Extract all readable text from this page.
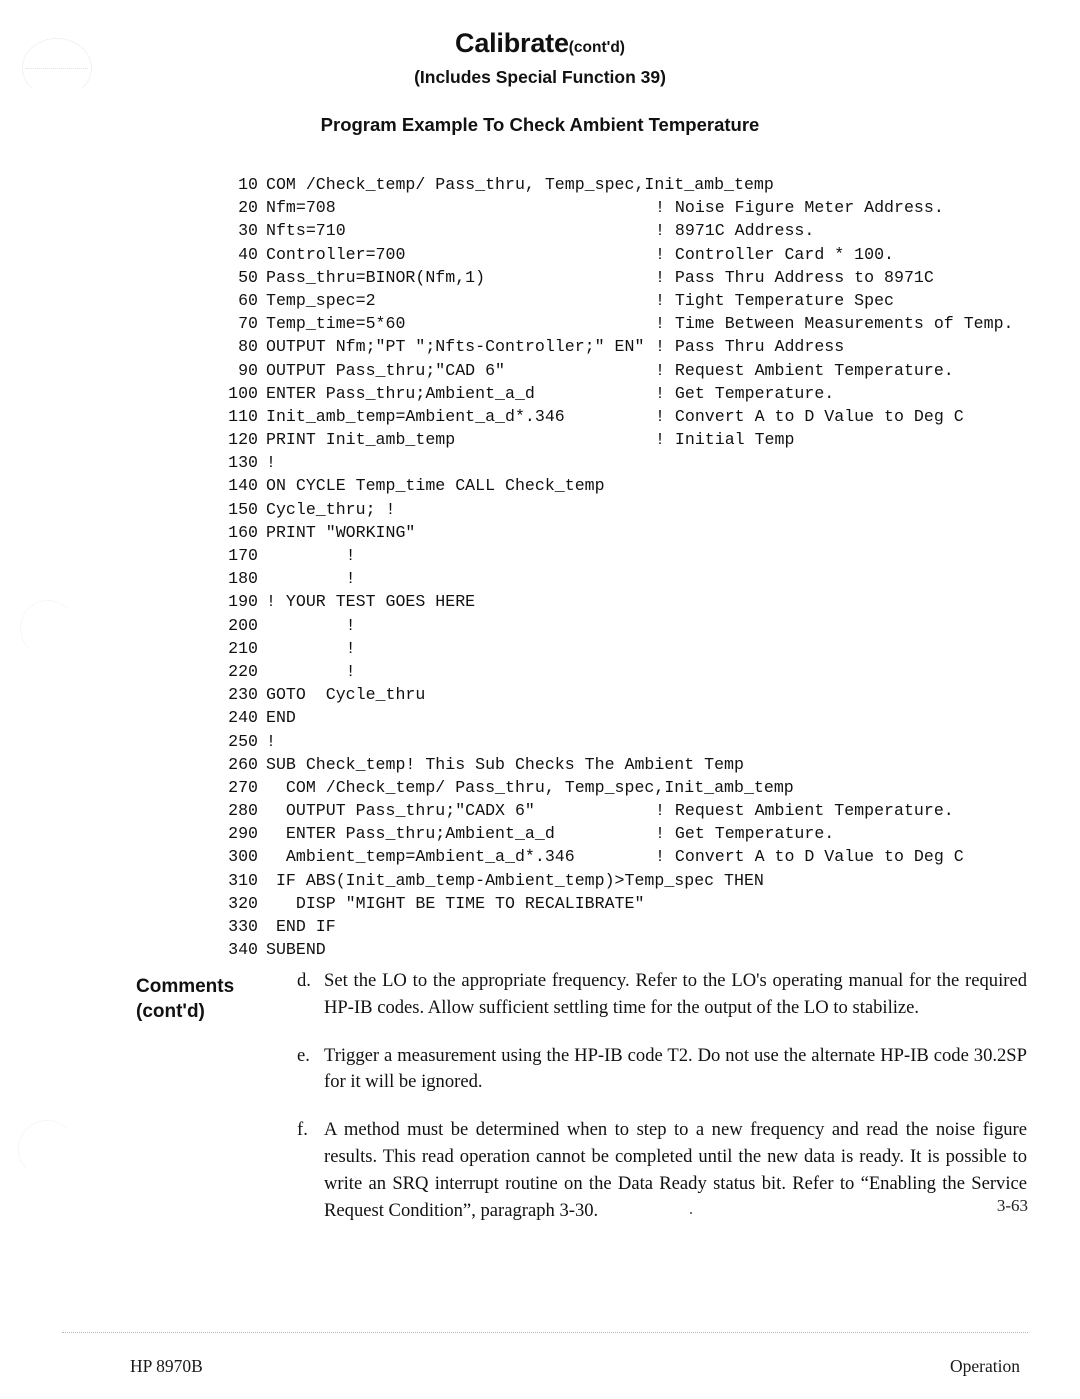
Calibrate(cont'd)
(Includes Special Function 39)
Program Example To Check Ambient Temperature
10 COM /Check_temp/ Pass_thru, Temp_spec,Init_amb_temp
20 Nfm=708	! Noise Figure Meter Address.
30 Nfts=710	! 8971C Address.
40 Controller=700	! Controller Card * 100.
50 Pass_thru=BINOR(Nfm,1)	! Pass Thru Address to 8971C
60 Temp_spec=2	! Tight Temperature Spec
70 Temp_time=5*60	! Time Between Measurements of Temp.
80 OUTPUT Nfm;"PT ";Nfts-Controller;" EN" ! Pass Thru Address
90 OUTPUT Pass_thru;"CAD 6"	! Request Ambient Temperature.
100 ENTER Pass_thru;Ambient_a_d	! Get Temperature.
110 Init_amb_temp=Ambient_a_d*.346	! Convert A to D Value to Deg C
120 PRINT Init_amb_temp	! Initial Temp
130 !
140 ON CYCLE Temp_time CALL Check_temp
150 Cycle_thru; !
160 PRINT "WORKING"
170        !
180        !
190 ! YOUR TEST GOES HERE
200        !
210        !
220        !
230 GOTO  Cycle_thru
240 END
250 !
260 SUB Check_temp! This Sub Checks The Ambient Temp
270  COM /Check_temp/ Pass_thru, Temp_spec,Init_amb_temp
280  OUTPUT Pass_thru;"CADX 6"	! Request Ambient Temperature.
290  ENTER Pass_thru;Ambient_a_d	! Get Temperature.
300  Ambient_temp=Ambient_a_d*.346	! Convert A to D Value to Deg C
310 IF ABS(Init_amb_temp-Ambient_temp)>Temp_spec THEN
320   DISP "MIGHT BE TIME TO RECALIBRATE"
330 END IF
340 SUBEND
Comments
(cont'd)
d. Set the LO to the appropriate frequency. Refer to the LO's operating manual for the required HP-IB codes. Allow sufficient settling time for the output of the LO to stabilize.
e. Trigger a measurement using the HP-IB code T2. Do not use the alternate HP-IB code 30.2SP for it will be ignored.
f. A method must be determined when to step to a new frequency and read the noise figure results. This read operation cannot be completed until the new data is ready. It is possible to write an SRQ interrupt routine on the Data Ready status bit. Refer to “Enabling the Service Request Condition”, paragraph 3-30.	3-63
HP 8970B	Operation
